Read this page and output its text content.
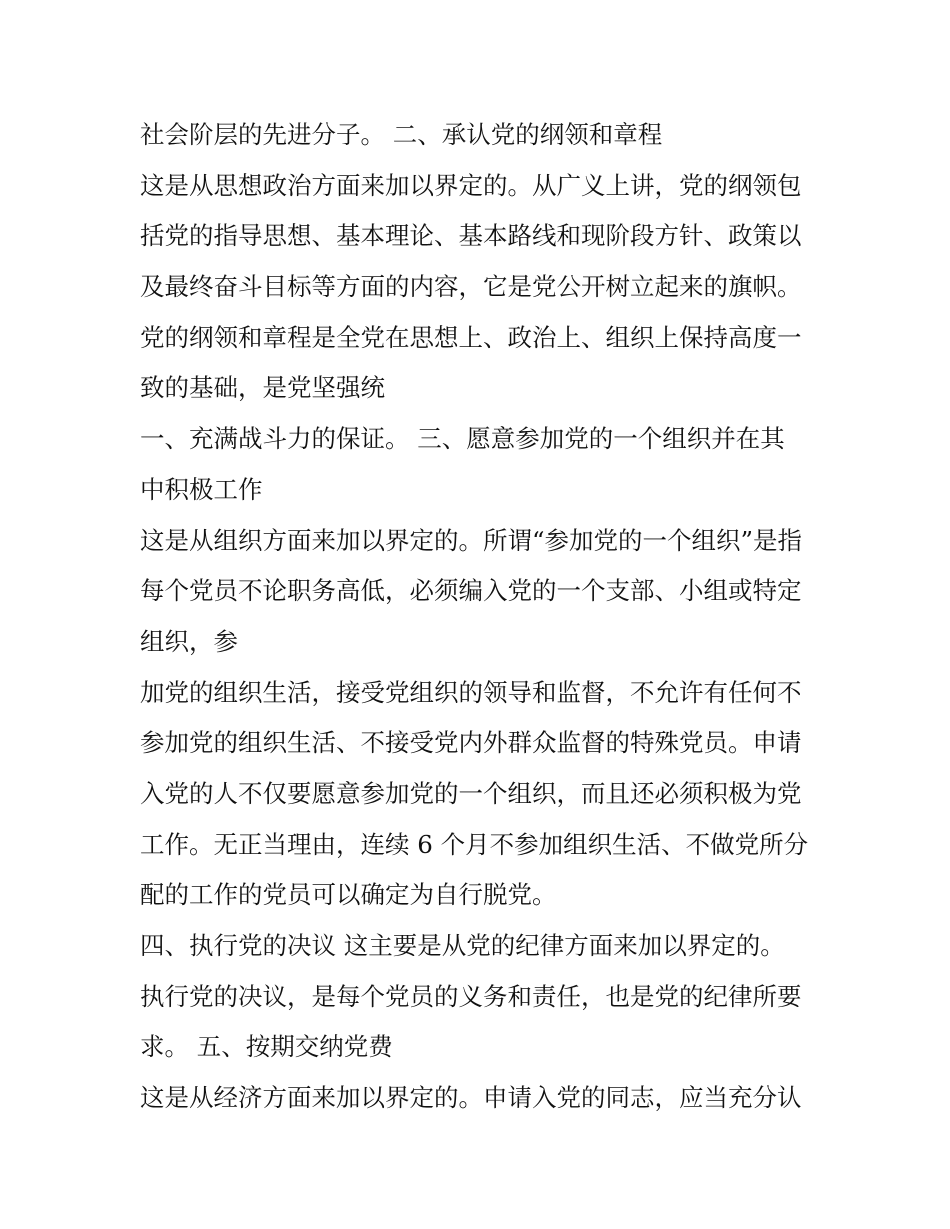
社会阶层的先进分子。 二、承认党的纲领和章程
这是从思想政治方面来加以界定的。从广义上讲，党的纲领包
括党的指导思想、基本理论、基本路线和现阶段方针、政策以
及最终奋斗目标等方面的内容，它是党公开树立起来的旗帜。
党的纲领和章程是全党在思想上、政治上、组织上保持高度一
致的基础，是党坚强统
一、充满战斗力的保证。 三、愿意参加党的一个组织并在其
中积极工作
这是从组织方面来加以界定的。所谓“参加党的一个组织”是指
每个党员不论职务高低，必须编入党的一个支部、小组或特定
组织，参
加党的组织生活，接受党组织的领导和监督，不允许有任何不
参加党的组织生活、不接受党内外群众监督的特殊党员。申请
入党的人不仅要愿意参加党的一个组织，而且还必须积极为党
工作。无正当理由，连续 6 个月不参加组织生活、不做党所分
配的工作的党员可以确定为自行脱党。
四、执行党的决议 这主要是从党的纪律方面来加以界定的。
执行党的决议，是每个党员的义务和责任，也是党的纪律所要
求。 五、按期交纳党费
这是从经济方面来加以界定的。申请入党的同志，应当充分认
